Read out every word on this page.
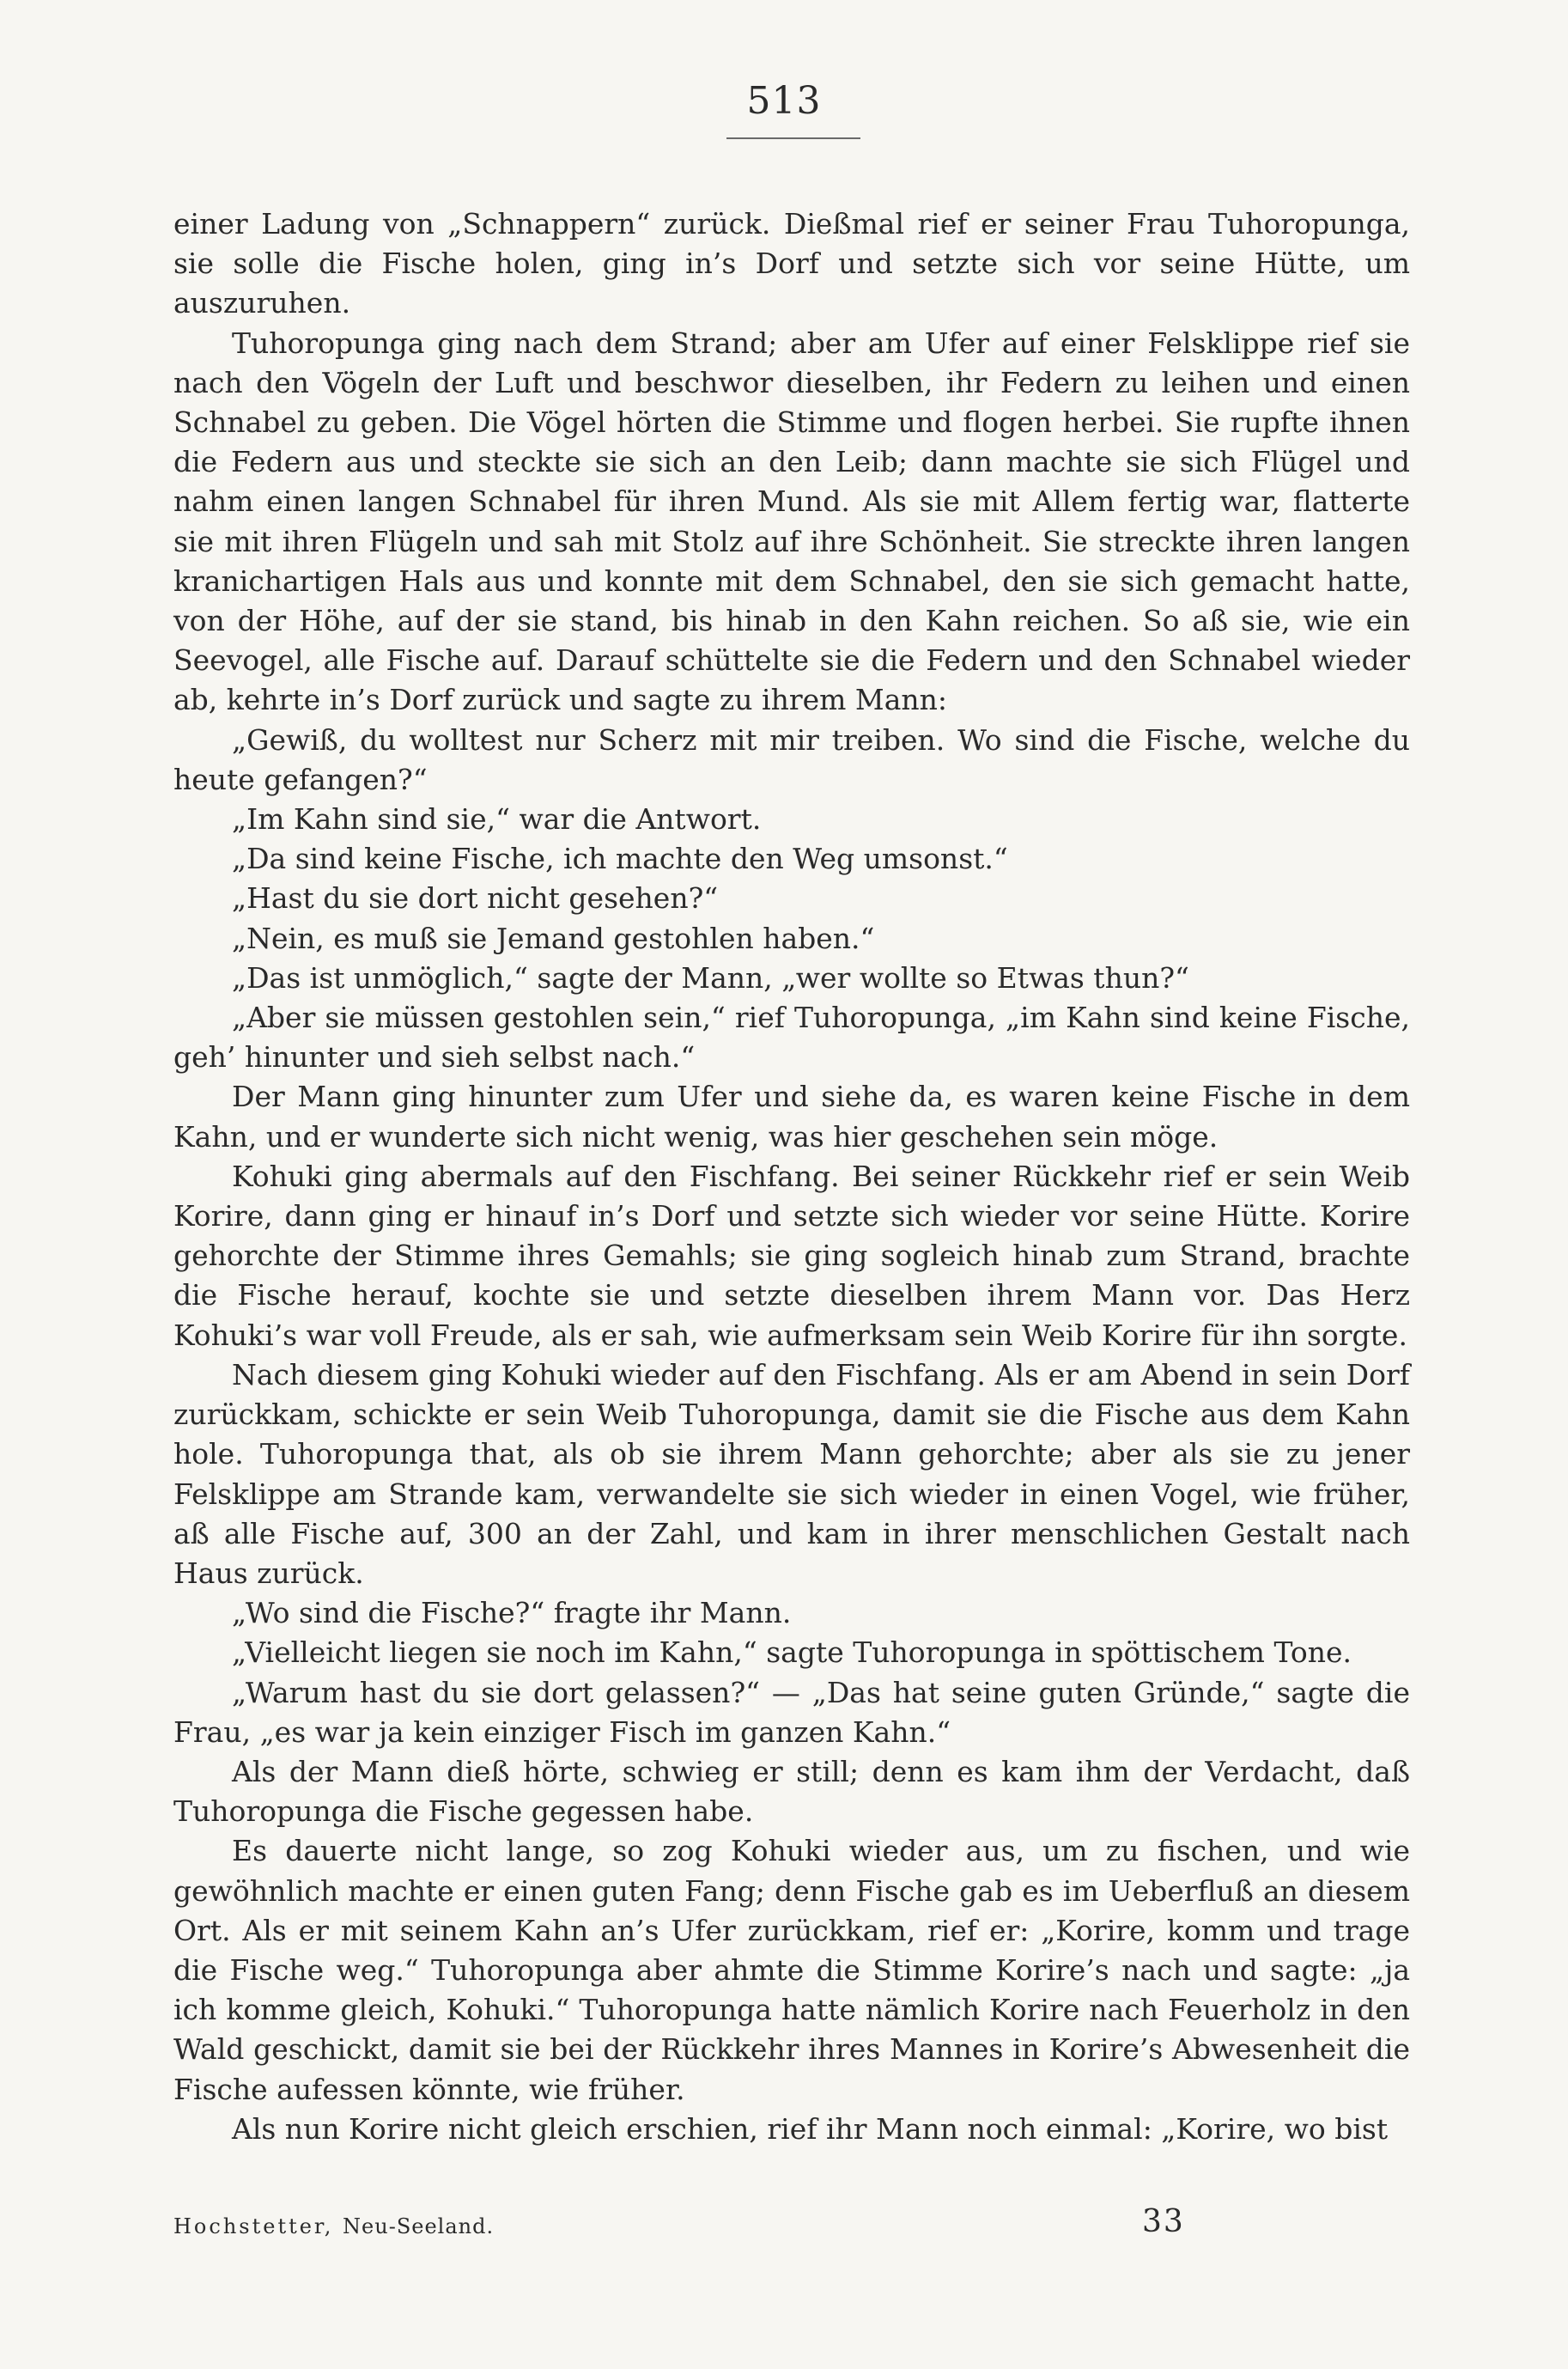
513

einer Ladung von „Schnappern“ zurück. Dießmal rief er seiner Frau Tuhoropunga, sie solle die Fische holen, ging in’s Dorf und setzte sich vor seine Hütte, um auszuruhen.

Tuhoropunga ging nach dem Strand; aber am Ufer auf einer Felsklippe rief sie nach den Vögeln der Luft und beschwor dieselben, ihr Federn zu leihen und einen Schnabel zu geben. Die Vögel hörten die Stimme und flogen herbei. Sie rupfte ihnen die Federn aus und steckte sie sich an den Leib; dann machte sie sich Flügel und nahm einen langen Schnabel für ihren Mund. Als sie mit Allem fertig war, flatterte sie mit ihren Flügeln und sah mit Stolz auf ihre Schönheit. Sie streckte ihren langen kranichartigen Hals aus und konnte mit dem Schnabel, den sie sich gemacht hatte, von der Höhe, auf der sie stand, bis hinab in den Kahn reichen. So aß sie, wie ein Seevogel, alle Fische auf. Darauf schüttelte sie die Federn und den Schnabel wieder ab, kehrte in’s Dorf zurück und sagte zu ihrem Mann:

„Gewiß, du wolltest nur Scherz mit mir treiben. Wo sind die Fische, welche du heute gefangen?“

„Im Kahn sind sie,“ war die Antwort.

„Da sind keine Fische, ich machte den Weg umsonst.“

„Hast du sie dort nicht gesehen?“

„Nein, es muß sie Jemand gestohlen haben.“

„Das ist unmöglich,“ sagte der Mann, „wer wollte so Etwas thun?“

„Aber sie müssen gestohlen sein,“ rief Tuhoropunga, „im Kahn sind keine Fische, geh’ hinunter und sieh selbst nach.“

Der Mann ging hinunter zum Ufer und siehe da, es waren keine Fische in dem Kahn, und er wunderte sich nicht wenig, was hier geschehen sein möge.

Kohuki ging abermals auf den Fischfang. Bei seiner Rückkehr rief er sein Weib Korire, dann ging er hinauf in’s Dorf und setzte sich wieder vor seine Hütte. Korire gehorchte der Stimme ihres Gemahls; sie ging sogleich hinab zum Strand, brachte die Fische herauf, kochte sie und setzte dieselben ihrem Mann vor. Das Herz Kohuki’s war voll Freude, als er sah, wie aufmerksam sein Weib Korire für ihn sorgte.

Nach diesem ging Kohuki wieder auf den Fischfang. Als er am Abend in sein Dorf zurückkam, schickte er sein Weib Tuhoropunga, damit sie die Fische aus dem Kahn hole. Tuhoropunga that, als ob sie ihrem Mann gehorchte; aber als sie zu jener Felsklippe am Strande kam, verwandelte sie sich wieder in einen Vogel, wie früher, aß alle Fische auf, 300 an der Zahl, und kam in ihrer menschlichen Gestalt nach Haus zurück.

„Wo sind die Fische?“ fragte ihr Mann.

„Vielleicht liegen sie noch im Kahn,“ sagte Tuhoropunga in spöttischem Tone.

„Warum hast du sie dort gelassen?“ — „Das hat seine guten Gründe,“ sagte die Frau, „es war ja kein einziger Fisch im ganzen Kahn.“

Als der Mann dieß hörte, schwieg er still; denn es kam ihm der Verdacht, daß Tuhoropunga die Fische gegessen habe.

Es dauerte nicht lange, so zog Kohuki wieder aus, um zu fischen, und wie gewöhnlich machte er einen guten Fang; denn Fische gab es im Ueberfluß an diesem Ort. Als er mit seinem Kahn an’s Ufer zurückkam, rief er: „Korire, komm und trage die Fische weg.“ Tuhoropunga aber ahmte die Stimme Korire’s nach und sagte: „ja ich komme gleich, Kohuki.“ Tuhoropunga hatte nämlich Korire nach Feuerholz in den Wald geschickt, damit sie bei der Rückkehr ihres Mannes in Korire’s Abwesenheit die Fische aufessen könnte, wie früher.

Als nun Korire nicht gleich erschien, rief ihr Mann noch einmal: „Korire, wo bist

Hochstetter, Neu-Seeland.	33
